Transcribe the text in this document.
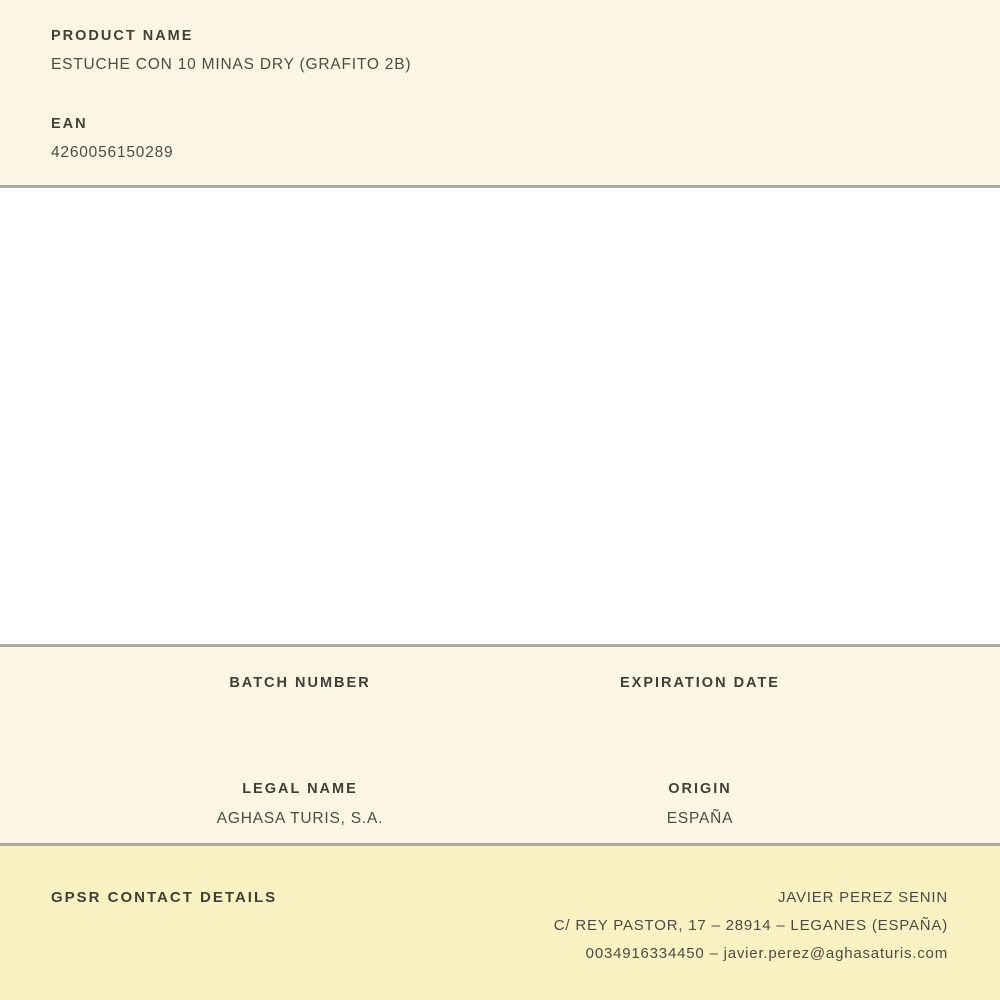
PRODUCT NAME
ESTUCHE CON 10 MINAS DRY (GRAFITO 2B)
EAN
4260056150289
BATCH NUMBER	EXPIRATION DATE
LEGAL NAME
AGHASA TURIS, S.A.
ORIGIN
ESPAÑA
GPSR CONTACT DETAILS	JAVIER PEREZ SENIN
C/ REY PASTOR, 17 – 28914 – LEGANES (ESPAÑA)
0034916334450 – javier.perez@aghasaturis.com
